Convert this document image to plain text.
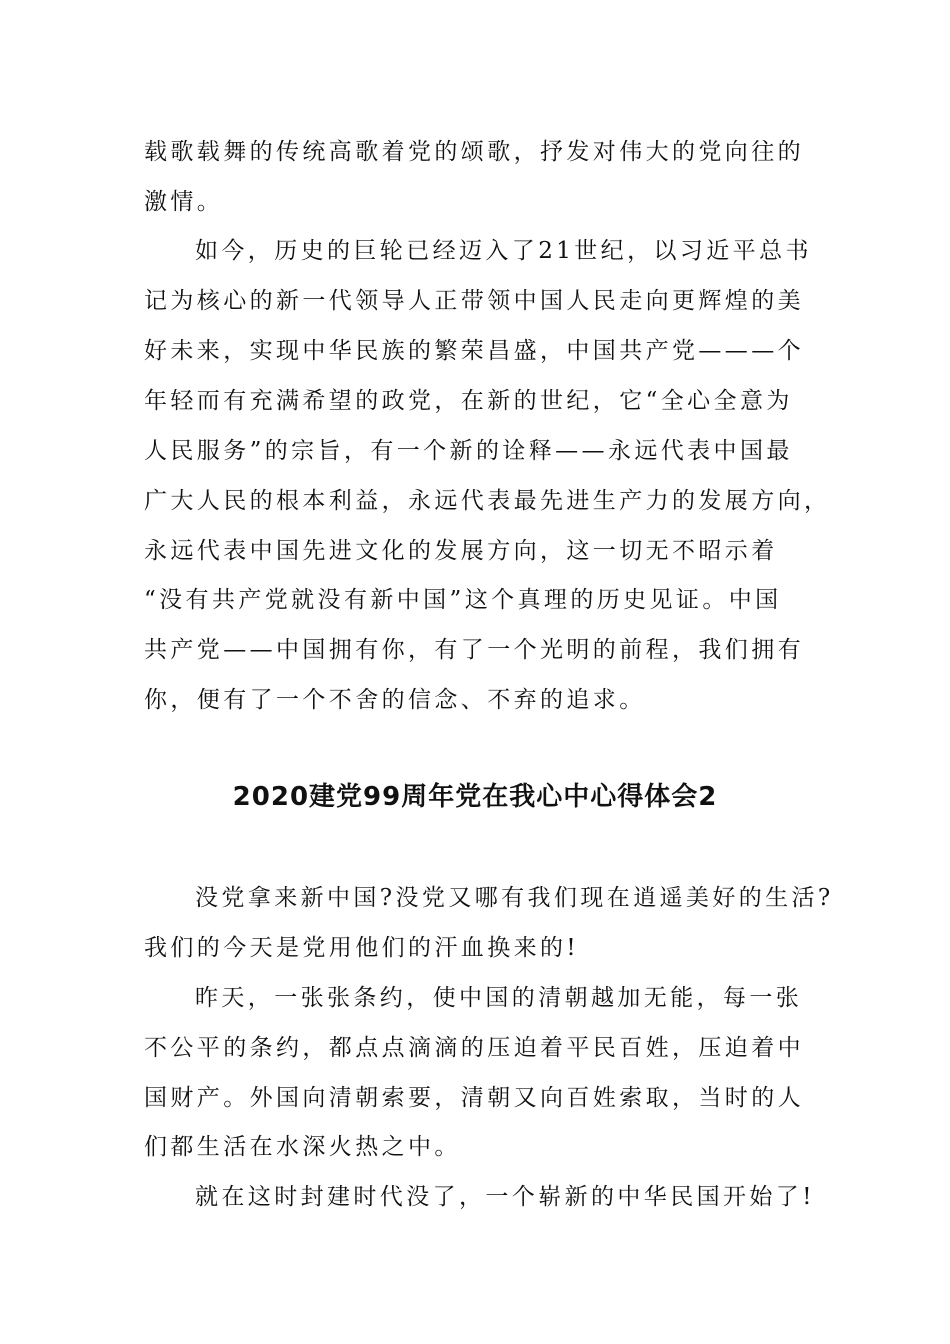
载歌载舞的传统高歌着党的颂歌，抒发对伟大的党向往的
激情。
如今，历史的巨轮已经迈入了21世纪，以习近平总书
记为核心的新一代领导人正带领中国人民走向更辉煌的美
好未来，实现中华民族的繁荣昌盛，中国共产党———个
年轻而有充满希望的政党，在新的世纪，它“全心全意为
人民服务”的宗旨，有一个新的诠释——永远代表中国最
广大人民的根本利益，永远代表最先进生产力的发展方向，
永远代表中国先进文化的发展方向，这一切无不昭示着
“没有共产党就没有新中国”这个真理的历史见证。中国
共产党——中国拥有你，有了一个光明的前程，我们拥有
你，便有了一个不舍的信念、不弃的追求。
2020建党99周年党在我心中心得体会2
没党拿来新中国?没党又哪有我们现在逍遥美好的生活?
我们的今天是党用他们的汗血换来的!
昨天，一张张条约，使中国的清朝越加无能，每一张
不公平的条约，都点点滴滴的压迫着平民百姓，压迫着中
国财产。外国向清朝索要，清朝又向百姓索取，当时的人
们都生活在水深火热之中。
就在这时封建时代没了，一个崭新的中华民国开始了!
